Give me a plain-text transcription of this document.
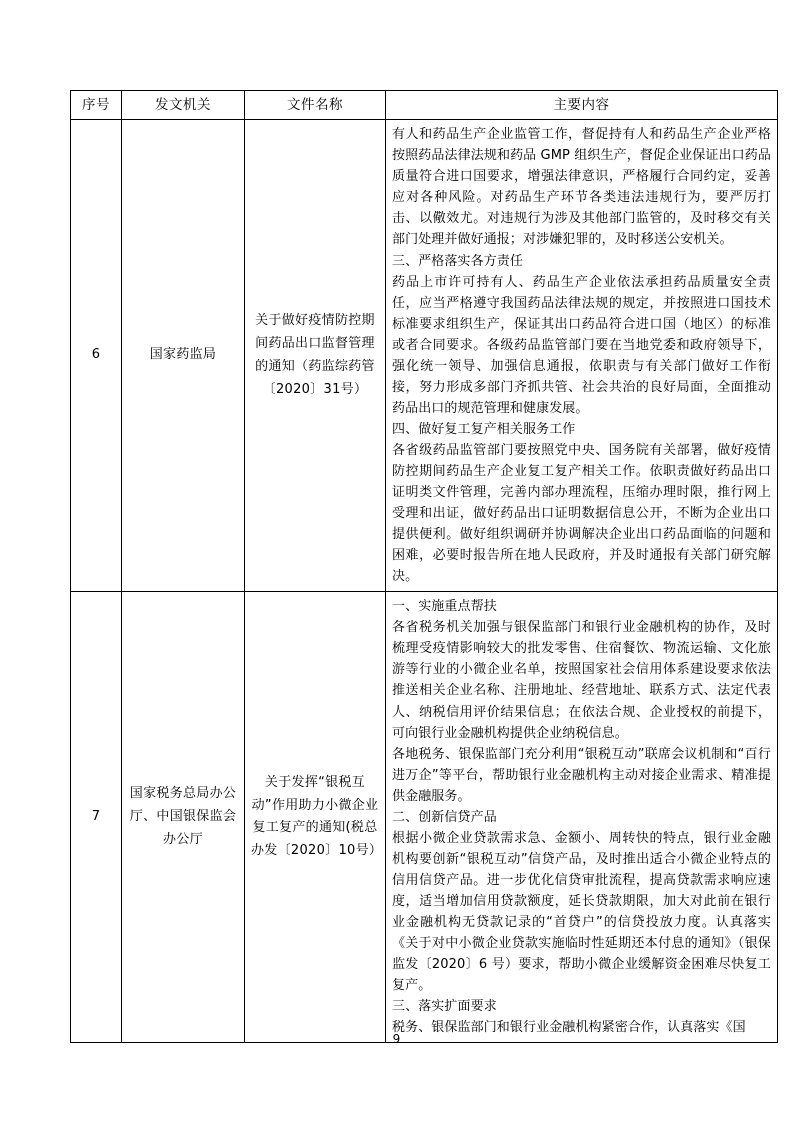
序号	发文机关	文件名称	主要内容
6	国家药监局	关于做好疫情防控期间药品出口监督管理的通知（药监综药管〔2020〕31号）	有人和药品生产企业监管工作，督促持有人和药品生产企业严格按照药品法律法规和药品 GMP 组织生产，督促企业保证出口药品质量符合进口国要求，增强法律意识，严格履行合同约定，妥善应对各种风险。对药品生产环节各类违法违规行为，要严厉打击、以儆效尤。对违规行为涉及其他部门监管的，及时移交有关部门处理并做好通报；对涉嫌犯罪的，及时移送公安机关。

三、严格落实各方责任

药品上市许可持有人、药品生产企业依法承担药品质量安全责任，应当严格遵守我国药品法律法规的规定，并按照进口国技术标准要求组织生产，保证其出口药品符合进口国（地区）的标准或者合同要求。各级药品监管部门要在当地党委和政府领导下，强化统一领导、加强信息通报，依职责与有关部门做好工作衔接，努力形成多部门齐抓共管、社会共治的良好局面，全面推动药品出口的规范管理和健康发展。

四、做好复工复产相关服务工作

各省级药品监管部门要按照党中央、国务院有关部署，做好疫情防控期间药品生产企业复工复产相关工作。依职责做好药品出口证明类文件管理，完善内部办理流程，压缩办理时限，推行网上受理和出证，做好药品出口证明数据信息公开，不断为企业出口提供便利。做好组织调研并协调解决企业出口药品面临的问题和困难，必要时报告所在地人民政府，并及时通报有关部门研究解决。

7	国家税务总局办公厅、中国银保监会办公厅	关于发挥“银税互动”作用助力小微企业复工复产的通知(税总办发〔2020〕10号）	

一、实施重点帮扶

各省税务机关加强与银保监部门和银行业金融机构的协作，及时梳理受疫情影响较大的批发零售、住宿餐饮、物流运输、文化旅游等行业的小微企业名单，按照国家社会信用体系建设要求依法推送相关企业名称、注册地址、经营地址、联系方式、法定代表人、纳税信用评价结果信息；在依法合规、企业授权的前提下，可向银行业金融机构提供企业纳税信息。

各地税务、银保监部门充分利用“银税互动”联席会议机制和“百行进万企”等平台，帮助银行业金融机构主动对接企业需求、精准提供金融服务。

二、创新信贷产品

根据小微企业贷款需求急、金额小、周转快的特点，银行业金融机构要创新“银税互动”信贷产品，及时推出适合小微企业特点的信用信贷产品。进一步优化信贷审批流程，提高贷款需求响应速度，适当增加信用贷款额度，延长贷款期限，加大对此前在银行业金融机构无贷款记录的“首贷户”的信贷投放力度。认真落实《关于对中小微企业贷款实施临时性延期还本付息的通知》（银保监发〔2020〕6 号）要求，帮助小微企业缓解资金困难尽快复工复产。

三、落实扩面要求

税务、银保监部门和银行业金融机构紧密合作，认真落实《国

9
